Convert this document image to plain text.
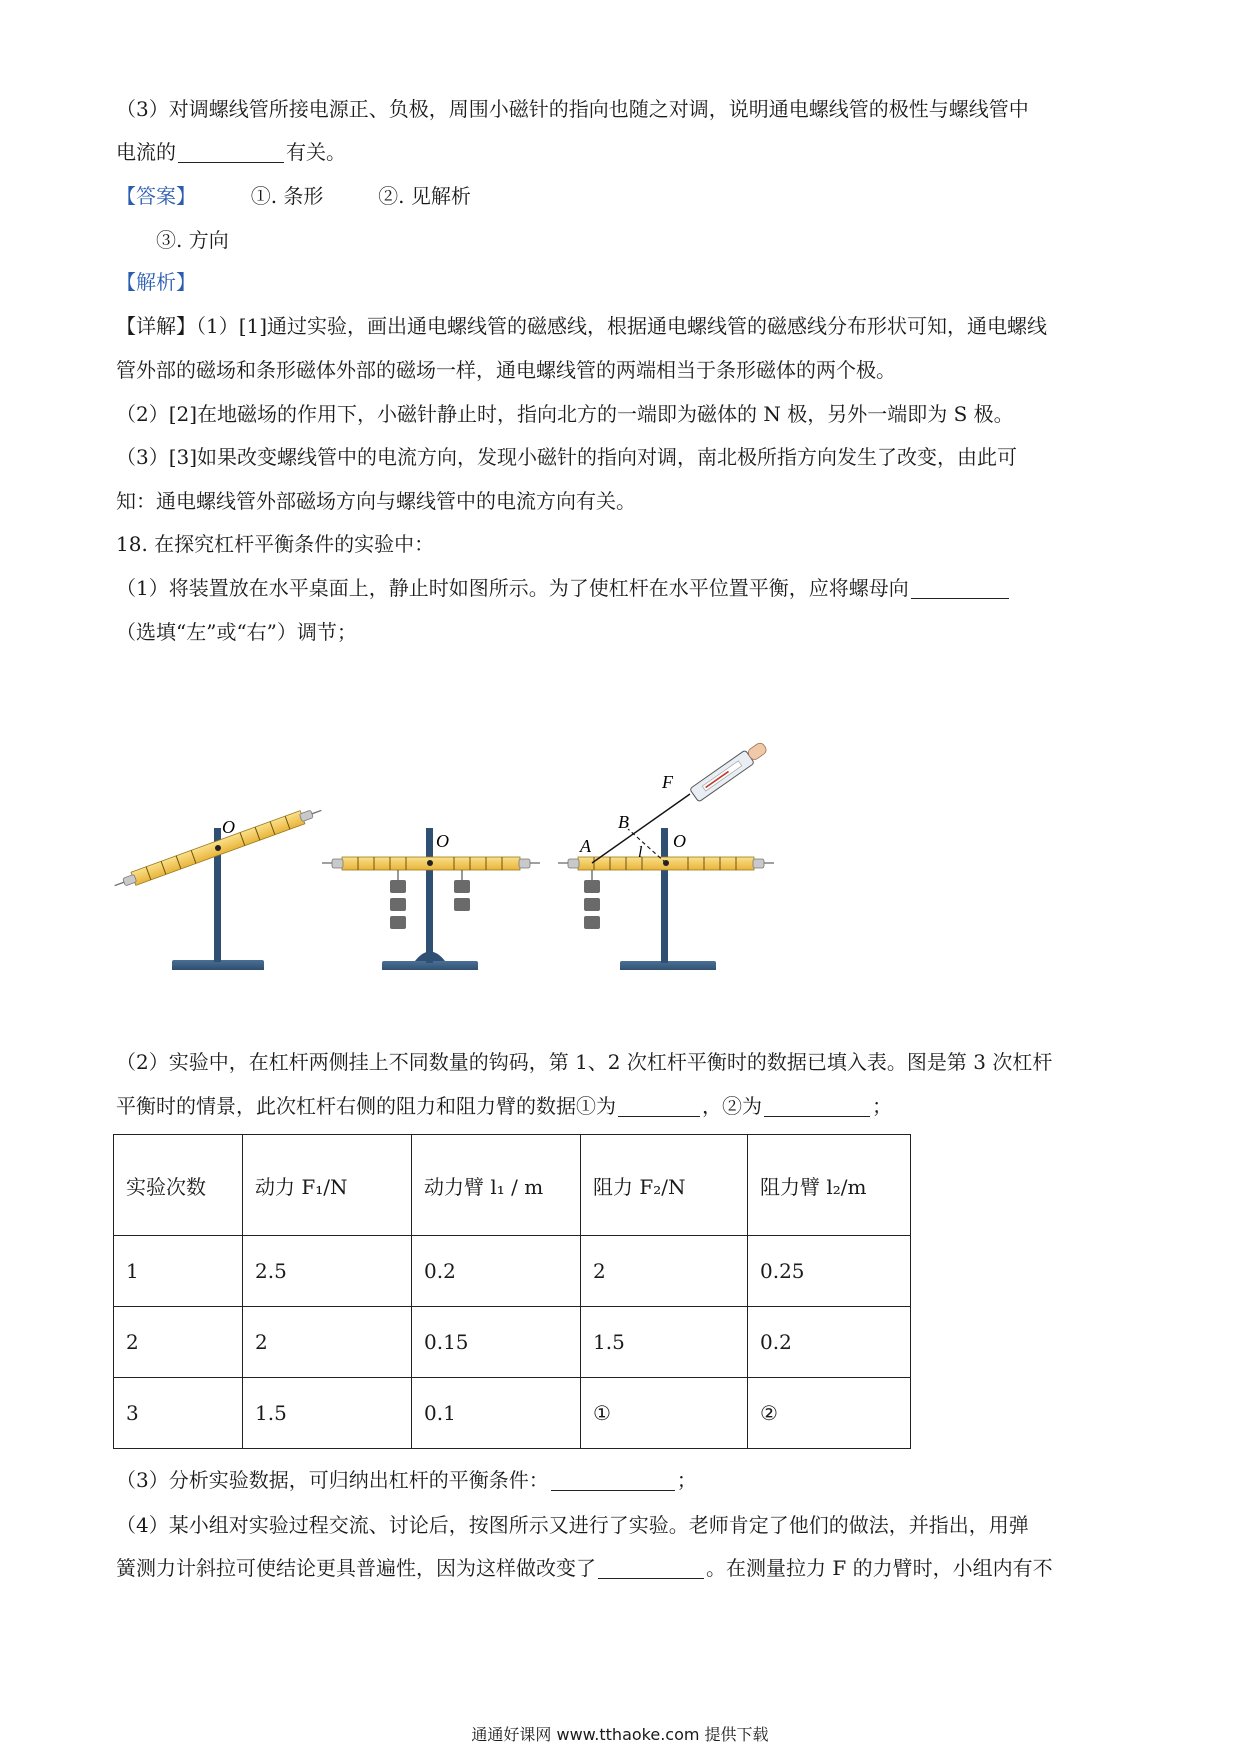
（3）对调螺线管所接电源正、负极，周围小磁针的指向也随之对调，说明通电螺线管的极性与螺线管中
电流的	有关。
【答案】	①. 条形	②. 见解析
③. 方向
【解析】
【详解】（1）[1]通过实验，画出通电螺线管的磁感线，根据通电螺线管的磁感线分布形状可知，通电螺线
管外部的磁场和条形磁体外部的磁场一样，通电螺线管的两端相当于条形磁体的两个极。
（2）[2]在地磁场的作用下，小磁针静止时，指向北方的一端即为磁体的 N 极，另外一端即为 S 极。
（3）[3]如果改变螺线管中的电流方向，发现小磁针的指向对调，南北极所指方向发生了改变，由此可
知：通电螺线管外部磁场方向与螺线管中的电流方向有关。
18. 在探究杠杆平衡条件的实验中：
（1）将装置放在水平桌面上，静止时如图所示。为了使杠杆在水平位置平衡，应将螺母向
（选填“左”或“右”）调节；
O
O	O
A
B
F
l
（2）实验中，在杠杆两侧挂上不同数量的钩码，第 1、2 次杠杆平衡时的数据已填入表。图是第 3 次杠杆
平衡时的情景，此次杠杆右侧的阻力和阻力臂的数据①为	，②为	；
实验次数	动力 F₁/N	动力臂 l₁ / m	阻力 F₂/N	阻力臂 l₂/m
1	2.5	0.2	2	0.25
2	2	0.15	1.5	0.2
3	1.5	0.1	①	②
（3）分析实验数据，可归纳出杠杆的平衡条件：	；
（4）某小组对实验过程交流、讨论后，按图所示又进行了实验。老师肯定了他们的做法，并指出，用弹
簧测力计斜拉可使结论更具普遍性，因为这样做改变了	。在测量拉力 F 的力臂时，小组内有不
通通好课网 www.tthaoke.com 提供下载
